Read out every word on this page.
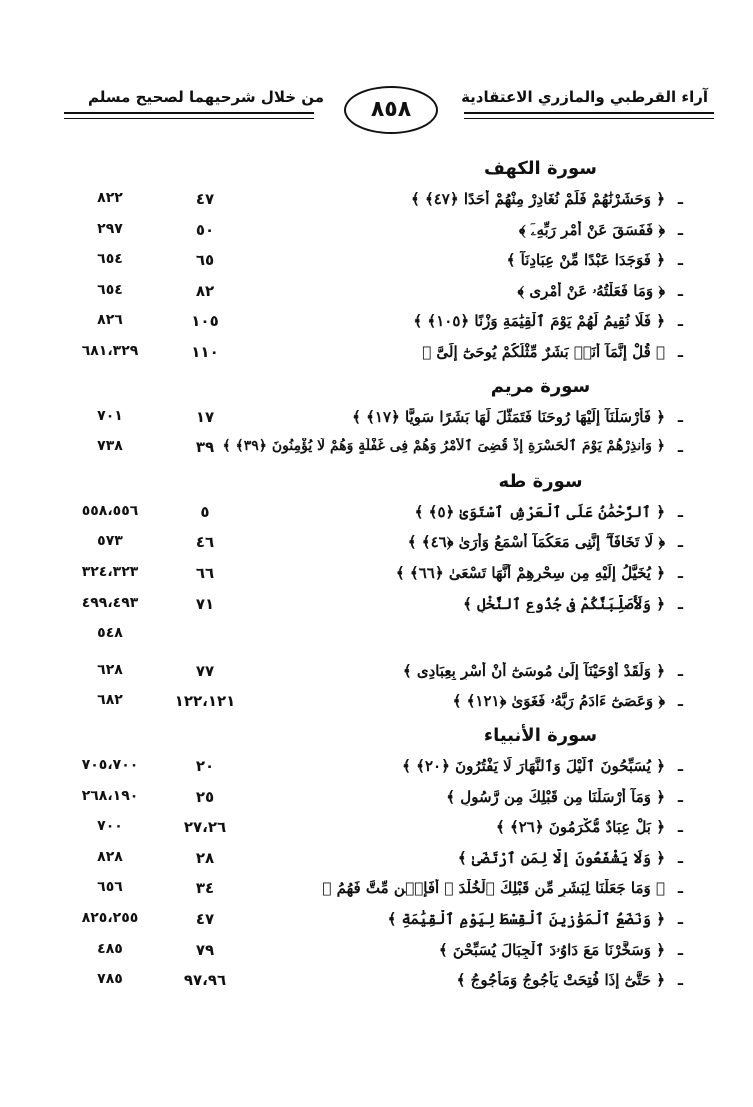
من خلال شرحيهما لصحيح مسلم	آراء القرطبي والمازري الاعتقادية
٨٥٨
سورة الكهف
ـ
﴿ وَحَشَرْنَٰهُمْ فَلَمْ نُغَادِرْ مِنْهُمْ أَحَدًا ﴿٤٧﴾ ﴾
٤٧
٨٢٢
ـ
﴿ فَفَسَقَ عَنْ أَمْرِ رَبِّهِۦٓ ﴾
٥٠
٢٩٧
ـ
﴿ فَوَجَدَا عَبْدًا مِّنْ عِبَادِنَآ ﴾
٦٥
٦٥٤
ـ
﴿ وَمَا فَعَلْتُهُۥ عَنْ أَمْرِى ﴾
٨٢
٦٥٤
ـ
﴿ فَلَا نُقِيمُ لَهُمْ يَوْمَ ٱلْقِيَٰمَةِ وَزْنًا ﴿١٠٥﴾ ﴾
١٠٥
٨٢٦
ـ
﴿ قُلْ إِنَّمَآ أَنَا۠ بَشَرٌ مِّثْلُكُمْ يُوحَىٰٓ إِلَىَّ ﴾
١١٠
٦٨١،٣٢٩
سورة مريم
ـ
﴿ فَأَرْسَلْنَآ إِلَيْهَا رُوحَنَا فَتَمَثَّلَ لَهَا بَشَرًا سَوِيًّا ﴿١٧﴾ ﴾
١٧
٧٠١
ـ
﴿ وَأَنذِرْهُمْ يَوْمَ ٱلْحَسْرَةِ إِذْ قُضِىَ ٱلْأَمْرُ وَهُمْ فِى غَفْلَةٍ وَهُمْ لَا يُؤْمِنُونَ ﴿٣٩﴾ ﴾
٣٩
٧٣٨
سورة طه
ـ
﴿ ٱلرَّحْمَٰنُ عَلَى ٱلْعَرْشِ ٱسْتَوَىٰ ﴿٥﴾ ﴾
٥
٥٥٨،٥٥٦
ـ
﴿ لَا تَخَافَآ ۖ إِنَّنِى مَعَكُمَآ أَسْمَعُ وَأَرَىٰ ﴿٤٦﴾ ﴾
٤٦
٥٧٣
ـ
﴿ يُخَيَّلُ إِلَيْهِ مِن سِحْرِهِمْ أَنَّهَا تَسْعَىٰ ﴿٦٦﴾ ﴾
٦٦
٣٢٤،٣٢٣
ـ
﴿ وَلَأُصَلِّبَنَّكُمْ فِى جُذُوعِ ٱلنَّخْلِ ﴾
٧١
٤٩٩،٤٩٣
٥٤٨
ـ
﴿ وَلَقَدْ أَوْحَيْنَآ إِلَىٰ مُوسَىٰٓ أَنْ أَسْرِ بِعِبَادِى ﴾
٧٧
٦٢٨
ـ
﴿ وَعَصَىٰٓ ءَادَمُ رَبَّهُۥ فَغَوَىٰ ﴿١٢١﴾ ﴾
١٢٢،١٢١
٦٨٢
سورة الأنبياء
ـ
﴿ يُسَبِّحُونَ ٱلَّيْلَ وَٱلنَّهَارَ لَا يَفْتُرُونَ ﴿٢٠﴾ ﴾
٢٠
٧٠٥،٧٠٠
ـ
﴿ وَمَآ أَرْسَلْنَا مِن قَبْلِكَ مِن رَّسُولٍ ﴾
٢٥
٢٦٨،١٩٠
ـ
﴿ بَلْ عِبَادٌ مُّكْرَمُونَ ﴿٢٦﴾ ﴾
٢٧،٢٦
٧٠٠
ـ
﴿ وَلَا يَشْفَعُونَ إِلَّا لِمَنِ ٱرْتَضَىٰ ﴾
٢٨
٨٢٨
ـ
﴿ وَمَا جَعَلْنَا لِبَشَرٍ مِّن قَبْلِكَ ٱلْخُلْدَ ۖ أَفَإِي۟ن مِّتَّ فَهُمُ ﴾
٣٤
٦٥٦
ـ
﴿ وَنَضَعُ ٱلْمَوَٰزِينَ ٱلْقِسْطَ لِيَوْمِ ٱلْقِيَٰمَةِ ﴾
٤٧
٨٢٥،٢٥٥
ـ
﴿ وَسَخَّرْنَا مَعَ دَاوُۥدَ ٱلْجِبَالَ يُسَبِّحْنَ ﴾
٧٩
٤٨٥
ـ
﴿ حَتَّىٰٓ إِذَا فُتِحَتْ يَأْجُوجُ وَمَأْجُوجُ ﴾
٩٧،٩٦
٧٨٥
